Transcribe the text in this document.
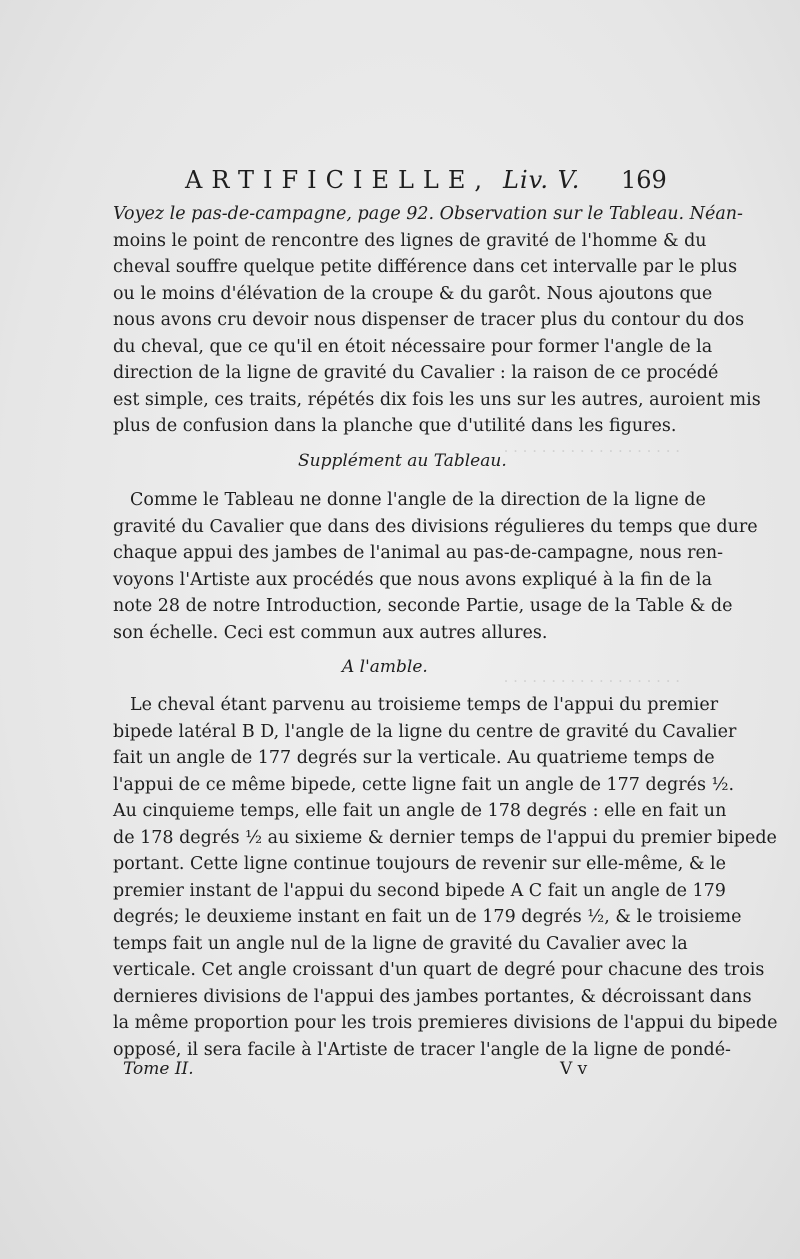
· · · · · · · · · · · · · · · · · · ·
· · · · · · · · · · · · · · · · · · ·
ARTIFICIELLE, Liv. V. 169
Voyez le pas-de-campagne, page 92. Observation sur le Tableau. Néan-
moins le point de rencontre des lignes de gravité de l'homme & du
cheval souffre quelque petite différence dans cet intervalle par le plus
ou le moins d'élévation de la croupe & du garôt. Nous ajoutons que
nous avons cru devoir nous dispenser de tracer plus du contour du dos
du cheval, que ce qu'il en étoit nécessaire pour former l'angle de la
direction de la ligne de gravité du Cavalier : la raison de ce procédé
est simple, ces traits, répétés dix fois les uns sur les autres, auroient mis
plus de confusion dans la planche que d'utilité dans les figures.
Supplément au Tableau.
Comme le Tableau ne donne l'angle de la direction de la ligne de
gravité du Cavalier que dans des divisions régulieres du temps que dure
chaque appui des jambes de l'animal au pas-de-campagne, nous ren-
voyons l'Artiste aux procédés que nous avons expliqué à la fin de la
note 28 de notre Introduction, seconde Partie, usage de la Table & de
son échelle. Ceci est commun aux autres allures.
A l'amble.
Le cheval étant parvenu au troisieme temps de l'appui du premier
bipede latéral B D, l'angle de la ligne du centre de gravité du Cavalier
fait un angle de 177 degrés sur la verticale. Au quatrieme temps de
l'appui de ce même bipede, cette ligne fait un angle de 177 degrés ½.
Au cinquieme temps, elle fait un angle de 178 degrés : elle en fait un
de 178 degrés ½ au sixieme & dernier temps de l'appui du premier bipede
portant. Cette ligne continue toujours de revenir sur elle-même, & le
premier instant de l'appui du second bipede A C fait un angle de 179
degrés; le deuxieme instant en fait un de 179 degrés ½, & le troisieme
temps fait un angle nul de la ligne de gravité du Cavalier avec la
verticale. Cet angle croissant d'un quart de degré pour chacune des trois
dernieres divisions de l'appui des jambes portantes, & décroissant dans
la même proportion pour les trois premieres divisions de l'appui du bipede
opposé, il sera facile à l'Artiste de tracer l'angle de la ligne de pondé-
Tome II.	V v
